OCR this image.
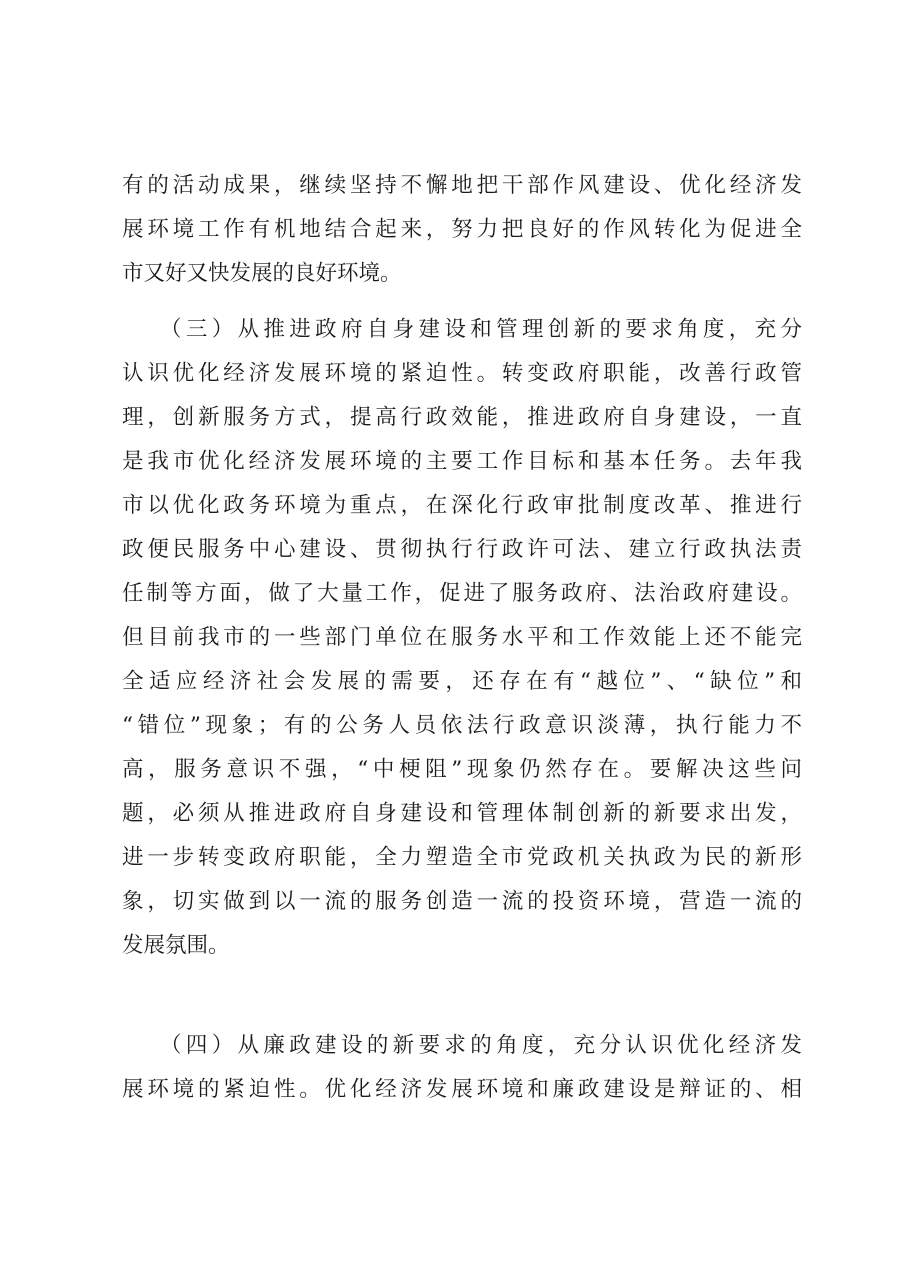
有的活动成果，继续坚持不懈地把干部作风建设、优化经济发
展环境工作有机地结合起来，努力把良好的作风转化为促进全
市又好又快发展的良好环境。
（三）从推进政府自身建设和管理创新的要求角度，充分
认识优化经济发展环境的紧迫性。转变政府职能，改善行政管
理，创新服务方式，提高行政效能，推进政府自身建设，一直
是我市优化经济发展环境的主要工作目标和基本任务。去年我
市以优化政务环境为重点，在深化行政审批制度改革、推进行
政便民服务中心建设、贯彻执行行政许可法、建立行政执法责
任制等方面，做了大量工作，促进了服务政府、法治政府建设。
但目前我市的一些部门单位在服务水平和工作效能上还不能完
全适应经济社会发展的需要，还存在有“越位”、“缺位”和
“错位”现象；有的公务人员依法行政意识淡薄，执行能力不
高，服务意识不强，“中梗阻”现象仍然存在。要解决这些问
题，必须从推进政府自身建设和管理体制创新的新要求出发，
进一步转变政府职能，全力塑造全市党政机关执政为民的新形
象，切实做到以一流的服务创造一流的投资环境，营造一流的
发展氛围。
（四）从廉政建设的新要求的角度，充分认识优化经济发
展环境的紧迫性。优化经济发展环境和廉政建设是辩证的、相
